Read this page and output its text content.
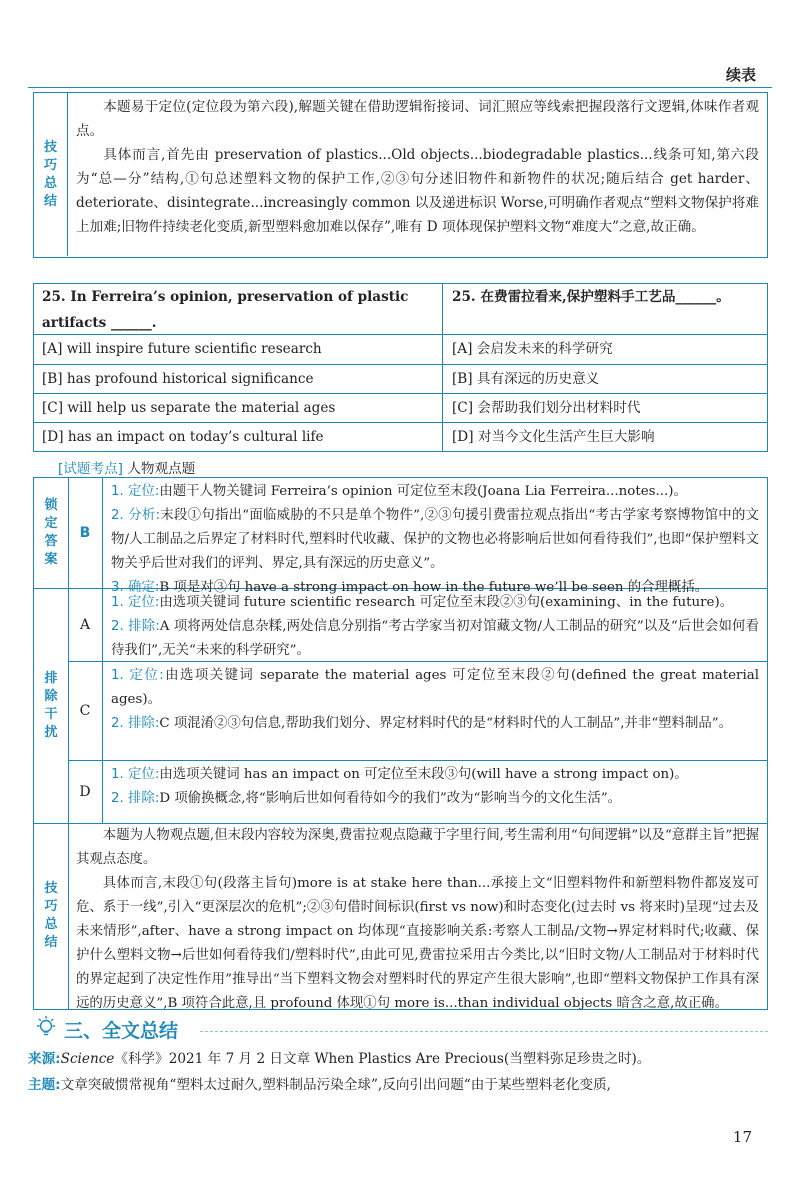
续表
技巧总结

本题易于定位(定位段为第六段),解题关键在借助逻辑衔接词、词汇照应等线索把握段落行文逻辑,体味作者观点。

具体而言,首先由 preservation of plastics...Old objects...biodegradable plastics...线条可知,第六段为“总—分”结构,①句总述塑料文物的保护工作,②③句分述旧物件和新物件的状况;随后结合 get harder、deteriorate、disintegrate...increasingly common 以及递进标识 Worse,可明确作者观点“塑料文物保护将难上加难;旧物件持续老化变质,新型塑料愈加难以保存”,唯有 D 项体现保护塑料文物“难度大”之意,故正确。

25. In Ferreira’s opinion, preservation of plastic artifacts ______.
25. 在费雷拉看来,保护塑料手工艺品______。
[A] will inspire future scientific research	[A] 会启发未来的科学研究
[B] has profound historical significance	[B] 具有深远的历史意义
[C] will help us separate the material ages	[C] 会帮助我们划分出材料时代
[D] has an impact on today’s cultural life	[D] 对当今文化生活产生巨大影响
[试题考点] 人物观点题
锁定答案
B

1. 定位:由题干人物关键词 Ferreira’s opinion 可定位至末段(Joana Lia Ferreira...notes...)。

2. 分析:末段①句指出“面临威胁的不只是单个物件”,②③句援引费雷拉观点指出“考古学家考察博物馆中的文物/人工制品之后界定了材料时代,塑料时代收藏、保护的文物也必将影响后世如何看待我们”,也即“保护塑料文物关乎后世对我们的评判、界定,具有深远的历史意义”。

3. 确定:B 项是对③句 have a strong impact on how in the future we’ll be seen 的合理概括。

排除干扰
A

1. 定位:由选项关键词 future scientific research 可定位至末段②③句(examining、in the future)。

2. 排除:A 项将两处信息杂糅,两处信息分别指“考古学家当初对馆藏文物/人工制品的研究”以及“后世会如何看待我们”,无关“未来的科学研究”。

C

1. 定位:由选项关键词 separate the material ages 可定位至末段②句(defined the great material ages)。

2. 排除:C 项混淆②③句信息,帮助我们划分、界定材料时代的是“材料时代的人工制品”,并非“塑料制品”。

D

1. 定位:由选项关键词 has an impact on 可定位至末段③句(will have a strong impact on)。

2. 排除:D 项偷换概念,将“影响后世如何看待如今的我们”改为“影响当今的文化生活”。

技巧总结

本题为人物观点题,但末段内容较为深奥,费雷拉观点隐藏于字里行间,考生需利用“句间逻辑”以及“意群主旨”把握其观点态度。

具体而言,末段①句(段落主旨句)more is at stake here than...承接上文“旧塑料物件和新塑料物件都岌岌可危、系于一线”,引入“更深层次的危机”;②③句借时间标识(first vs now)和时态变化(过去时 vs 将来时)呈现“过去及未来情形”,after、have a strong impact on 均体现“直接影响关系:考察人工制品/文物→界定材料时代;收藏、保护什么塑料文物→后世如何看待我们/塑料时代”,由此可见,费雷拉采用古今类比,以“旧时文物/人工制品对于材料时代的界定起到了决定性作用”推导出“当下塑料文物会对塑料时代的界定产生很大影响”,也即“塑料文物保护工作具有深远的历史意义”,B 项符合此意,且 profound 体现①句 more is...than individual objects 暗含之意,故正确。

三、全文总结
来源:Science《科学》2021 年 7 月 2 日文章 When Plastics Are Precious(当塑料弥足珍贵之时)。
主题:文章突破惯常视角“塑料太过耐久,塑料制品污染全球”,反向引出问题“由于某些塑料老化变质,
17
